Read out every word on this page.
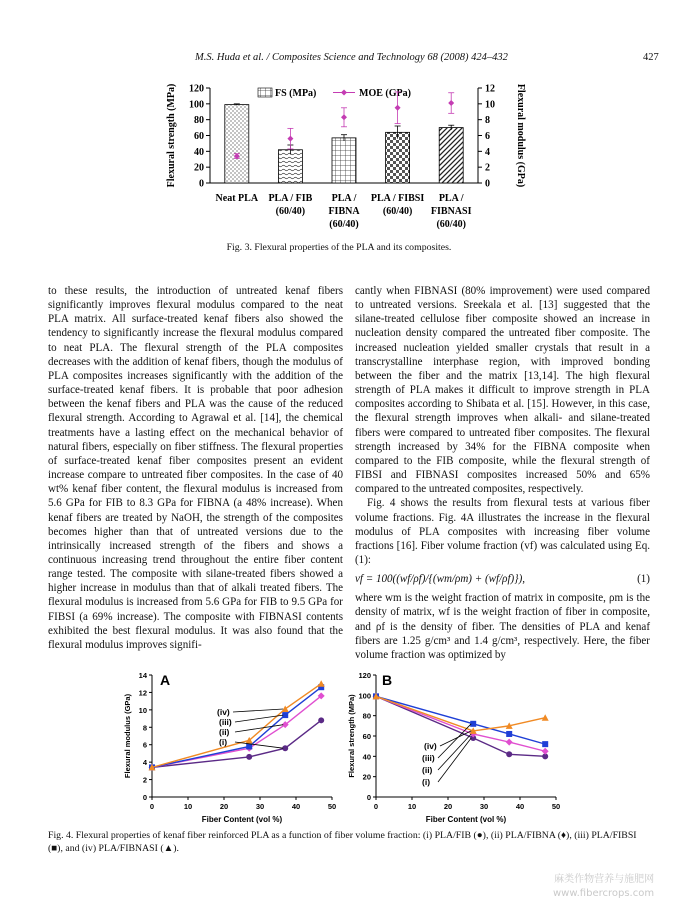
M.S. Huda et al. / Composites Science and Technology 68 (2008) 424–432	427
0
20
40
60
80
100
120
0
2
4
6
8
10
12
Flexural strength (MPa)	Flexural modulus (GPa)
FS (MPa)	MOE (GPa)
Neat PLA PLA / FIB
(60/40)
PLA /
FIBNA
(60/40)
PLA / FIBSI
(60/40)
PLA /
FIBNASI
(60/40)
Fig. 3. Flexural properties of the PLA and its composites.

to these results, the introduction of untreated kenaf fibers significantly improves flexural modulus compared to the neat PLA matrix. All surface-treated kenaf fibers also showed the tendency to significantly increase the flexural modulus compared to neat PLA. The flexural strength of the PLA composites decreases with the addition of kenaf fibers, though the modulus of PLA composites increases significantly with the addition of the surface-treated kenaf fibers. It is probable that poor adhesion between the kenaf fibers and PLA was the cause of the reduced flexural strength. According to Agrawal et al. [14], the chemical treatments have a lasting effect on the mechanical behavior of natural fibers, especially on fiber stiffness. The flexural properties of surface-treated kenaf fiber composites present an evident increase compare to untreated fiber composites. In the case of 40 wt% kenaf fiber content, the flexural modulus is increased from 5.6 GPa for FIB to 8.3 GPa for FIBNA (a 48% increase). When kenaf fibers are treated by NaOH, the strength of the composites becomes higher than that of untreated versions due to the intrinsically increased strength of the fibers and shows a continuous increasing trend throughout the entire fiber content range tested. The composite with silane-treated fibers showed a higher increase in modulus than that of alkali treated fibers. The flexural modulus is increased from 5.6 GPa for FIB to 9.5 GPa for FIBSI (a 69% increase). The composite with FIBNASI contents exhibited the best flexural modulus. It was also found that the flexural modulus improves signifi-

cantly when FIBNASI (80% improvement) were used compared to untreated versions. Sreekala et al. [13] suggested that the silane-treated cellulose fiber composite showed an increase in nucleation density compared the untreated fiber composite. The increased nucleation yielded smaller crystals that result in a transcrystalline interphase region, with improved bonding between the fiber and the matrix [13,14]. The high flexural strength of PLA makes it difficult to improve strength in PLA composites according to Shibata et al. [15]. However, in this case, the flexural strength improves when alkali- and silane-treated fibers were compared to untreated fiber composites. The flexural strength increased by 34% for the FIBNA composite when compared to the FIB composite, while the flexural strength of FIBSI and FIBNASI composites increased 50% and 65% compared to the untreated composites, respectively.

Fig. 4 shows the results from flexural tests at various fiber volume fractions. Fig. 4A illustrates the increase in the flexural modulus of PLA composites with increasing fiber volume fractions [16]. Fiber volume fraction (vf) was calculated using Eq. (1):

vf = 100((wf/ρf)/{(wm/ρm) + (wf/ρf)}),	(1)

where wm is the weight fraction of matrix in composite, ρm is the density of matrix, wf is the weight fraction of fiber in composite, and ρf is the density of fiber. The densities of PLA and kenaf fibers are 1.25 g/cm³ and 1.4 g/cm³, respectively. Here, the fiber volume fraction was optimized by

0
2
4
6
8
10
12
14
0	10	20	30	40	50
Fiber Content (vol %)
Flexural modulus (GPa)
A
(iv)
(iii)
(ii)
(i)
0
20
40
60
80
100
120
0	10	20	30	40	50
Fiber Content (vol %)
Flexural strength (MPa)
B
(iv)
(iii)
(ii)
(i)
Fig. 4. Flexural properties of kenaf fiber reinforced PLA as a function of fiber volume fraction: (i) PLA/FIB (●), (ii) PLA/FIBNA (♦), (iii) PLA/FIBSI (■), and (iv) PLA/FIBNASI (▲).
麻类作物营养与施肥网
www.fibercrops.com
